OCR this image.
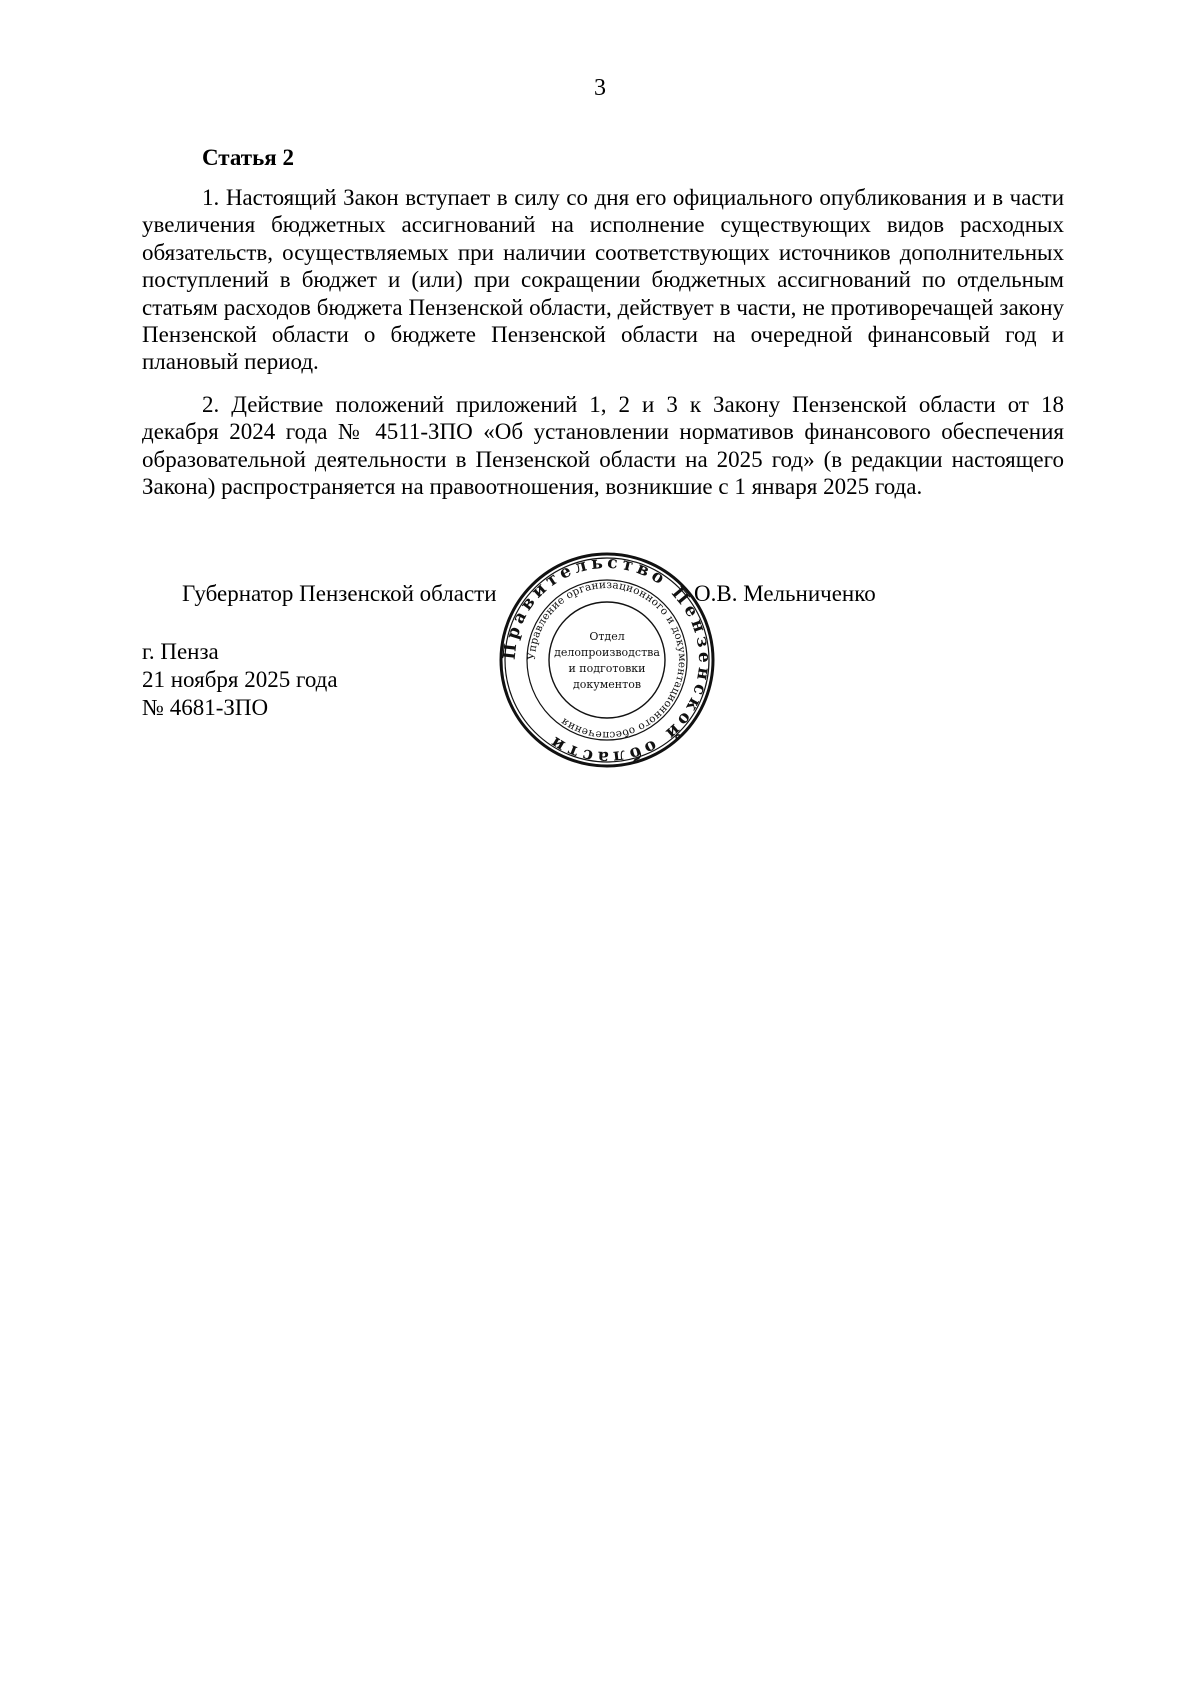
3
Статья 2

1. Настоящий Закон вступает в силу со дня его официального опубликования и в части увеличения бюджетных ассигнований на исполнение существующих видов расходных обязательств, осуществляемых при наличии соответствующих источников дополнительных поступлений в бюджет и (или) при сокращении бюджетных ассигнований по отдельным статьям расходов бюджета Пензенской области, действует в части, не противоречащей закону Пензенской области о бюджете Пензенской области на очередной финансовый год и плановый период.

2. Действие положений приложений 1, 2 и 3 к Закону Пензенской области от 18 декабря 2024 года № 4511-ЗПО «Об установлении нормативов финансового обеспечения образовательной деятельности в Пензенской области на 2025 год» (в редакции настоящего Закона) распространяется на правоотношения, возникшие с 1 января 2025 года.

Губернатор Пензенской области	О.В. Мельниченко
г. Пенза
21 ноября 2025 года
№ 4681-ЗПО
Правительство Пензенской области
Управление организационного и документационного обеспечения
Отдел
делопроизводства
и подготовки
документов
